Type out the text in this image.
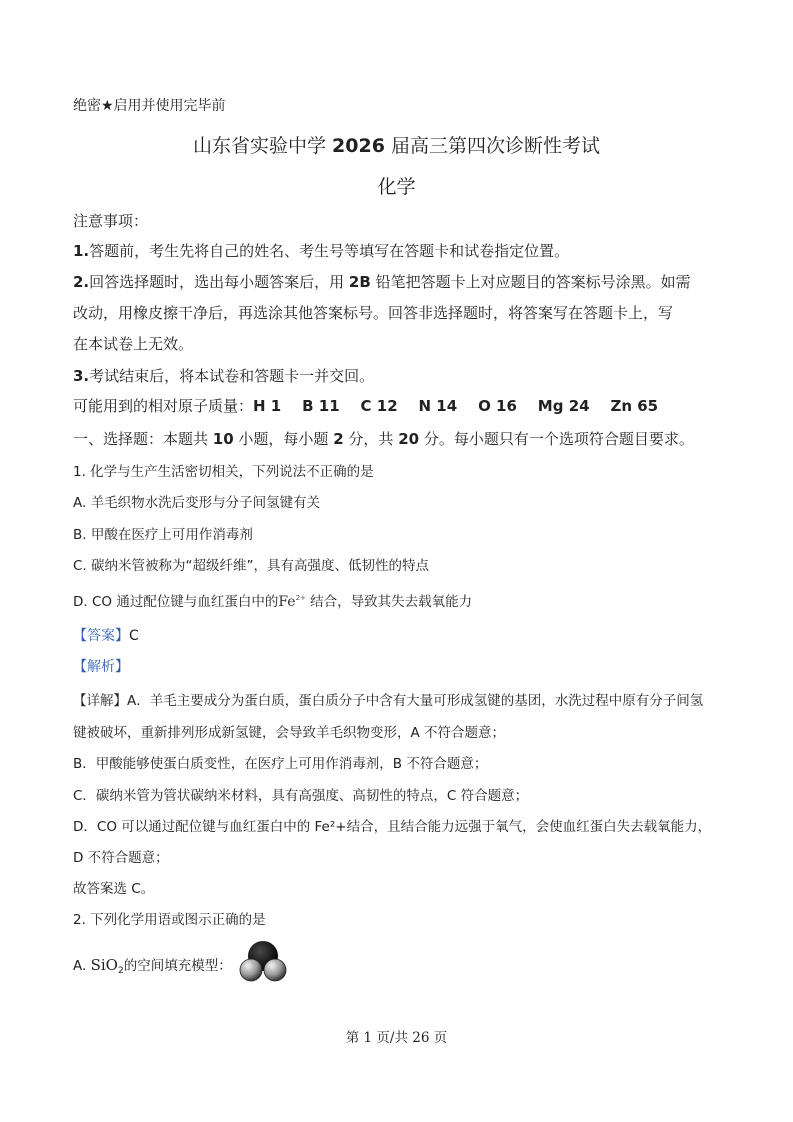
绝密★启用并使用完毕前
山东省实验中学 2026 届高三第四次诊断性考试
化学
注意事项：
1.答题前，考生先将自己的姓名、考生号等填写在答题卡和试卷指定位置。
2.回答选择题时，选出每小题答案后，用 2B 铅笔把答题卡上对应题目的答案标号涂黑。如需
改动，用橡皮擦干净后，再选涂其他答案标号。回答非选择题时，将答案写在答题卡上，写
在本试卷上无效。
3.考试结束后，将本试卷和答题卡一并交回。
可能用到的相对原子质量：H 1    B 11    C 12    N 14    O 16    Mg 24    Zn 65
一、选择题：本题共 10 小题，每小题 2 分，共 20 分。每小题只有一个选项符合题目要求。
1. 化学与生产生活密切相关，下列说法不正确的是
A. 羊毛织物水洗后变形与分子间氢键有关
B. 甲酸在医疗上可用作消毒剂
C. 碳纳米管被称为“超级纤维”，具有高强度、低韧性的特点
D. CO 通过配位键与血红蛋白中的$Fe^{2+}$ 结合，导致其失去载氧能力
【答案】C
【解析】
【详解】A．羊毛主要成分为蛋白质，蛋白质分子中含有大量可形成氢键的基团，水洗过程中原有分子间氢
键被破坏，重新排列形成新氢键，会导致羊毛织物变形，A 不符合题意；
B．甲酸能够使蛋白质变性，在医疗上可用作消毒剂，B 不符合题意；
C．碳纳米管为管状碳纳米材料，具有高强度、高韧性的特点，C 符合题意；
D．CO 可以通过配位键与血红蛋白中的 Fe²+结合，且结合能力远强于氧气，会使血红蛋白失去载氧能力，
D 不符合题意；
故答案选 C。
2. 下列化学用语或图示正确的是
A. SiO$_2$的空间填充模型：
第 1 页/共 26 页
